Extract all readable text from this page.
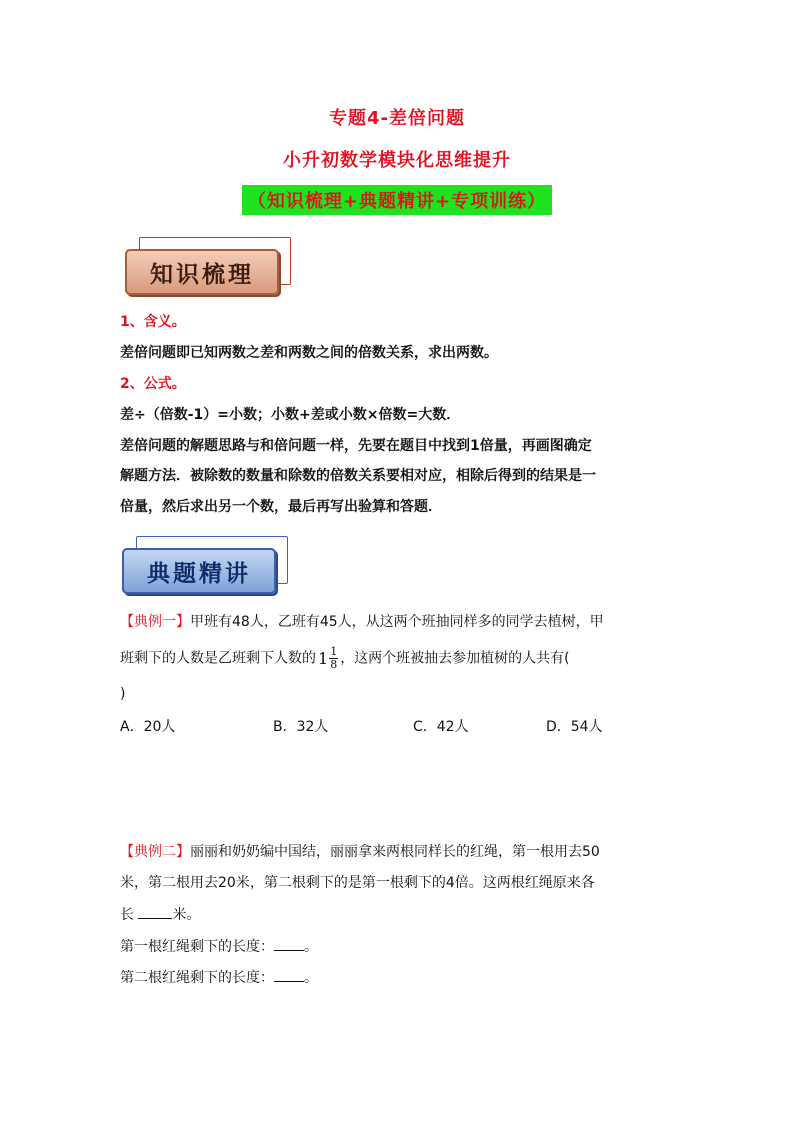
专题4-差倍问题
小升初数学模块化思维提升
（知识梳理+典题精讲+专项训练）
知识梳理
1、含义。
差倍问题即已知两数之差和两数之间的倍数关系，求出两数。
2、公式。
差÷（倍数-1）=小数；小数+差或小数×倍数=大数．
差倍问题的解题思路与和倍问题一样，先要在题目中找到1倍量，再画图确定
解题方法．被除数的数量和除数的倍数关系要相对应，相除后得到的结果是一
倍量，然后求出另一个数，最后再写出验算和答题．
典题精讲
【典例一】甲班有48人，乙班有45人，从这两个班抽同样多的同学去植树，甲
班剩下的人数是乙班剩下人数的 $1 \frac{1}{8}$ ，这两个班被抽去参加植树的人共有(
)
A．20人	B．32人	C．42人	D．54人
【典例二】丽丽和奶奶编中国结，丽丽拿来两根同样长的红绳，第一根用去50
米，第二根用去20米，第二根剩下的是第一根剩下的4倍。这两根红绳原来各
长	米。
第一根红绳剩下的长度： 。
第二根红绳剩下的长度： 。
